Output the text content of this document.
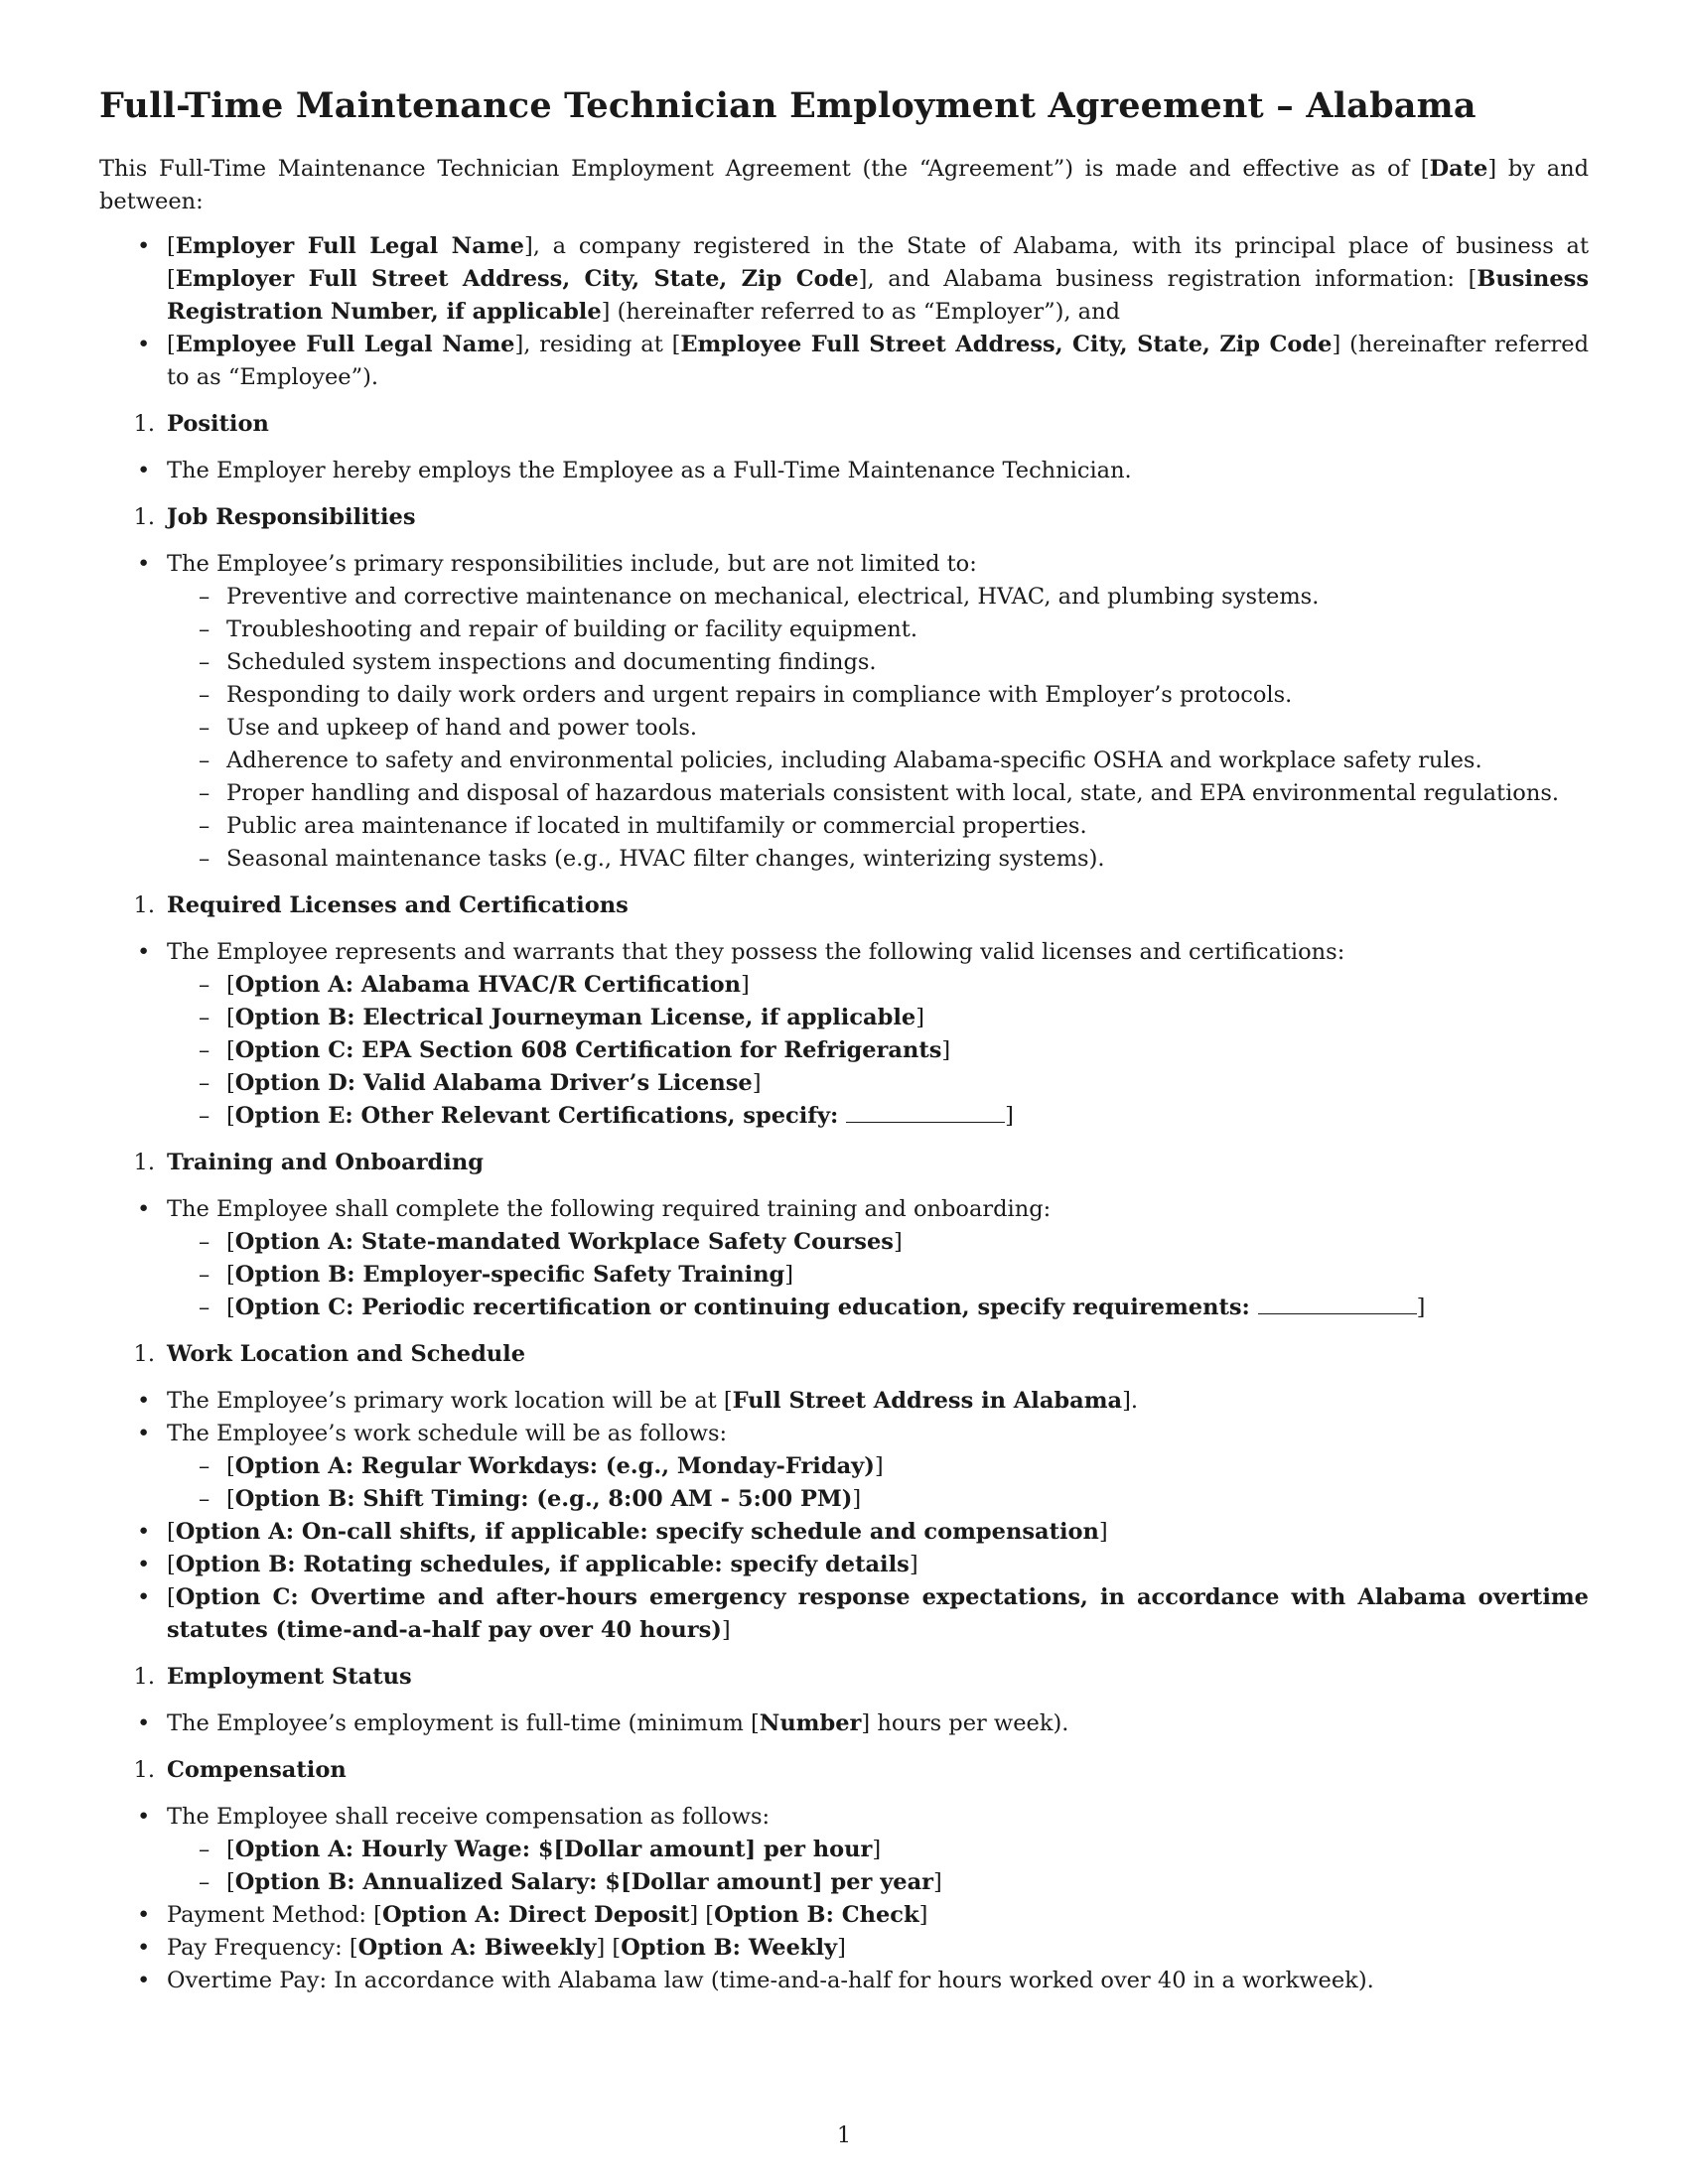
Full-Time Maintenance Technician Employment Agreement – Alabama

This Full-Time Maintenance Technician Employment Agreement (the “Agreement”) is made and effective as of [Date] by and between:

• [Employer Full Legal Name], a company registered in the State of Alabama, with its principal place of business at [Employer Full Street Address, City, State, Zip Code], and Alabama business registration information: [Business Registration Number, if applicable] (hereinafter referred to as “Employer”), and
• [Employee Full Legal Name], residing at [Employee Full Street Address, City, State, Zip Code] (hereinafter referred to as “Employee”).
1. Position
• The Employer hereby employs the Employee as a Full-Time Maintenance Technician.
1. Job Responsibilities
• The Employee’s primary responsibilities include, but are not limited to:
– Preventive and corrective maintenance on mechanical, electrical, HVAC, and plumbing systems.
– Troubleshooting and repair of building or facility equipment.
– Scheduled system inspections and documenting findings.
– Responding to daily work orders and urgent repairs in compliance with Employer’s protocols.
– Use and upkeep of hand and power tools.
– Adherence to safety and environmental policies, including Alabama-specific OSHA and workplace safety rules.
– Proper handling and disposal of hazardous materials consistent with local, state, and EPA environmental regulations.
– Public area maintenance if located in multifamily or commercial properties.
– Seasonal maintenance tasks (e.g., HVAC filter changes, winterizing systems).
1. Required Licenses and Certifications
• The Employee represents and warrants that they possess the following valid licenses and certifications:
– [Option A: Alabama HVAC/R Certification]
– [Option B: Electrical Journeyman License, if applicable]
– [Option C: EPA Section 608 Certification for Refrigerants]
– [Option D: Valid Alabama Driver’s License]
– [Option E: Other Relevant Certifications, specify:	]
1. Training and Onboarding
• The Employee shall complete the following required training and onboarding:
– [Option A: State-mandated Workplace Safety Courses]
– [Option B: Employer-specific Safety Training]
– [Option C: Periodic recertification or continuing education, specify requirements:	]
1. Work Location and Schedule
• The Employee’s primary work location will be at [Full Street Address in Alabama].
• The Employee’s work schedule will be as follows:
– [Option A: Regular Workdays: (e.g., Monday-Friday)]
– [Option B: Shift Timing: (e.g., 8:00 AM - 5:00 PM)]
• [Option A: On-call shifts, if applicable: specify schedule and compensation]
• [Option B: Rotating schedules, if applicable: specify details]
• [Option C: Overtime and after-hours emergency response expectations, in accordance with Alabama overtime statutes (time-and-a-half pay over 40 hours)]
1. Employment Status
• The Employee’s employment is full-time (minimum [Number] hours per week).
1. Compensation
• The Employee shall receive compensation as follows:
– [Option A: Hourly Wage: $[Dollar amount] per hour]
– [Option B: Annualized Salary: $[Dollar amount] per year]
• Payment Method: [Option A: Direct Deposit] [Option B: Check]
• Pay Frequency: [Option A: Biweekly] [Option B: Weekly]
• Overtime Pay: In accordance with Alabama law (time-and-a-half for hours worked over 40 in a workweek).
1
